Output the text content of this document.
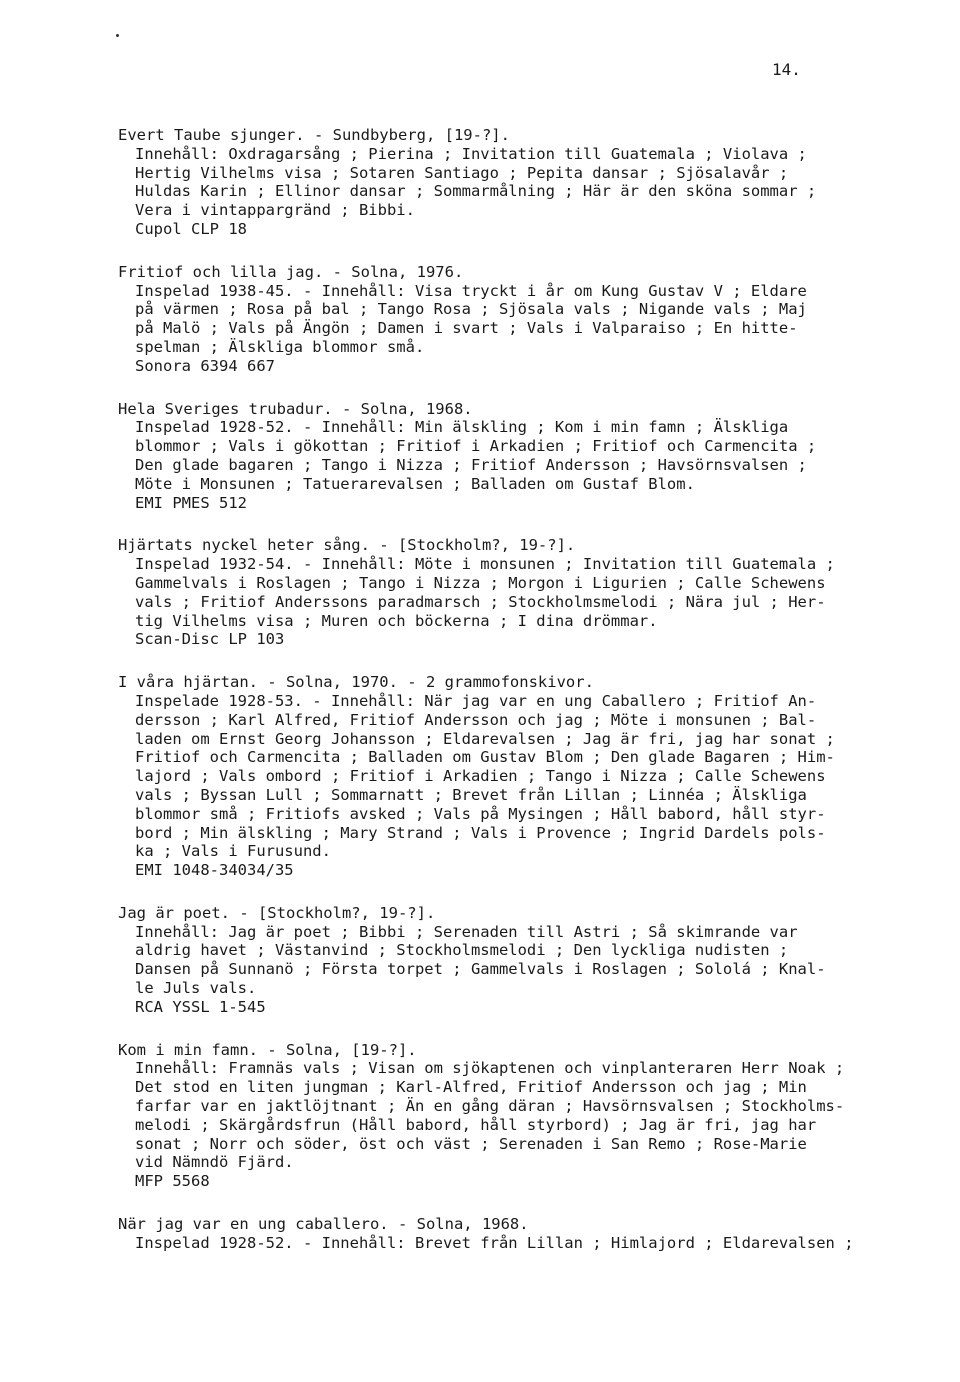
14.
Evert Taube sjunger. - Sundbyberg, [19-?].
Innehåll: Oxdragarsång ; Pierina ; Invitation till Guatemala ; Violava ;
Hertig Vilhelms visa ; Sotaren Santiago ; Pepita dansar ; Sjösalavår ;
Huldas Karin ; Ellinor dansar ; Sommarmålning ; Här är den sköna sommar ;
Vera i vintappargränd ; Bibbi.
Cupol CLP 18
Fritiof och lilla jag. - Solna, 1976.
Inspelad 1938-45. - Innehåll: Visa tryckt i år om Kung Gustav V ; Eldare
på värmen ; Rosa på bal ; Tango Rosa ; Sjösala vals ; Nigande vals ; Maj
på Malö ; Vals på Ängön ; Damen i svart ; Vals i Valparaiso ; En hitte-
spelman ; Älskliga blommor små.
Sonora 6394 667
Hela Sveriges trubadur. - Solna, 1968.
Inspelad 1928-52. - Innehåll: Min älskling ; Kom i min famn ; Älskliga
blommor ; Vals i gökottan ; Fritiof i Arkadien ; Fritiof och Carmencita ;
Den glade bagaren ; Tango i Nizza ; Fritiof Andersson ; Havsörnsvalsen ;
Möte i Monsunen ; Tatuerarevalsen ; Balladen om Gustaf Blom.
EMI PMES 512
Hjärtats nyckel heter sång. - [Stockholm?, 19-?].
Inspelad 1932-54. - Innehåll: Möte i monsunen ; Invitation till Guatemala ;
Gammelvals i Roslagen ; Tango i Nizza ; Morgon i Ligurien ; Calle Schewens
vals ; Fritiof Anderssons paradmarsch ; Stockholmsmelodi ; Nära jul ; Her-
tig Vilhelms visa ; Muren och böckerna ; I dina drömmar.
Scan-Disc LP 103
I våra hjärtan. - Solna, 1970. - 2 grammofonskivor.
Inspelade 1928-53. - Innehåll: När jag var en ung Caballero ; Fritiof An-
dersson ; Karl Alfred, Fritiof Andersson och jag ; Möte i monsunen ; Bal-
laden om Ernst Georg Johansson ; Eldarevalsen ; Jag är fri, jag har sonat ;
Fritiof och Carmencita ; Balladen om Gustav Blom ; Den glade Bagaren ; Him-
lajord ; Vals ombord ; Fritiof i Arkadien ; Tango i Nizza ; Calle Schewens
vals ; Byssan Lull ; Sommarnatt ; Brevet från Lillan ; Linnéa ; Älskliga
blommor små ; Fritiofs avsked ; Vals på Mysingen ; Håll babord, håll styr-
bord ; Min älskling ; Mary Strand ; Vals i Provence ; Ingrid Dardels pols-
ka ; Vals i Furusund.
EMI 1048-34034/35
Jag är poet. - [Stockholm?, 19-?].
Innehåll: Jag är poet ; Bibbi ; Serenaden till Astri ; Så skimrande var
aldrig havet ; Västanvind ; Stockholmsmelodi ; Den lyckliga nudisten ;
Dansen på Sunnanö ; Första torpet ; Gammelvals i Roslagen ; Sololá ; Knal-
le Juls vals.
RCA YSSL 1-545
Kom i min famn. - Solna, [19-?].
Innehåll: Framnäs vals ; Visan om sjökaptenen och vinplanteraren Herr Noak ;
Det stod en liten jungman ; Karl-Alfred, Fritiof Andersson och jag ; Min
farfar var en jaktlöjtnant ; Än en gång däran ; Havsörnsvalsen ; Stockholms-
melodi ; Skärgårdsfrun (Håll babord, håll styrbord) ; Jag är fri, jag har
sonat ; Norr och söder, öst och väst ; Serenaden i San Remo ; Rose-Marie
vid Nämndö Fjärd.
MFP 5568
När jag var en ung caballero. - Solna, 1968.
Inspelad 1928-52. - Innehåll: Brevet från Lillan ; Himlajord ; Eldarevalsen ;
